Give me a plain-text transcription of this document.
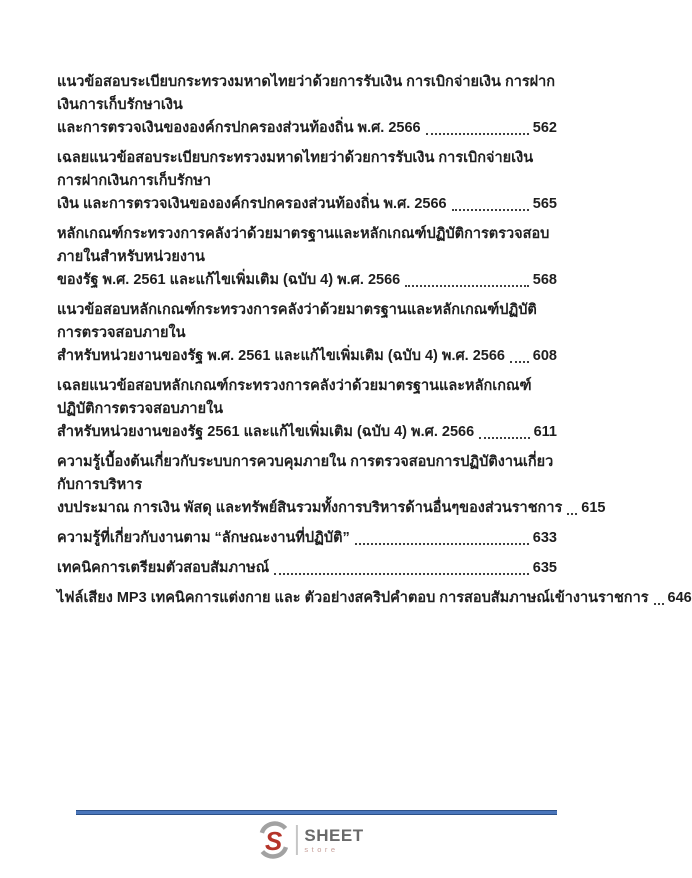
แนวข้อสอบระเบียบกระทรวงมหาดไทยว่าด้วยการรับเงิน การเบิกจ่ายเงิน การฝากเงินการเก็บรักษาเงิน
และการตรวจเงินขององค์กรปกครองส่วนท้องถิ่น พ.ศ. 2566	562
เฉลยแนวข้อสอบระเบียบกระทรวงมหาดไทยว่าด้วยการรับเงิน การเบิกจ่ายเงิน การฝากเงินการเก็บรักษา
เงิน และการตรวจเงินขององค์กรปกครองส่วนท้องถิ่น พ.ศ. 2566	565
หลักเกณฑ์กระทรวงการคลังว่าด้วยมาตรฐานและหลักเกณฑ์ปฏิบัติการตรวจสอบภายในสำหรับหน่วยงาน
ของรัฐ พ.ศ. 2561 และแก้ไขเพิ่มเติม (ฉบับ 4) พ.ศ. 2566	568
แนวข้อสอบหลักเกณฑ์กระทรวงการคลังว่าด้วยมาตรฐานและหลักเกณฑ์ปฏิบัติการตรวจสอบภายใน
สำหรับหน่วยงานของรัฐ พ.ศ. 2561 และแก้ไขเพิ่มเติม (ฉบับ 4) พ.ศ. 2566 608
เฉลยแนวข้อสอบหลักเกณฑ์กระทรวงการคลังว่าด้วยมาตรฐานและหลักเกณฑ์ปฏิบัติการตรวจสอบภายใน
สำหรับหน่วยงานของรัฐ 2561 และแก้ไขเพิ่มเติม (ฉบับ 4) พ.ศ. 2566	611
ความรู้เบื้องต้นเกี่ยวกับระบบการควบคุมภายใน การตรวจสอบการปฏิบัติงานเกี่ยวกับการบริหาร
งบประมาณ การเงิน พัสดุ และทรัพย์สินรวมทั้งการบริหารด้านอื่นๆของส่วนราชการ 615
ความรู้ที่เกี่ยวกับงานตาม “ลักษณะงานที่ปฏิบัติ”	633
เทคนิคการเตรียมตัวสอบสัมภาษณ์	635
ไฟล์เสียง MP3 เทคนิคการแต่งกาย และ ตัวอย่างสคริปคำตอบ การสอบสัมภาษณ์เข้างานราชการ 646
S SHEET
store
